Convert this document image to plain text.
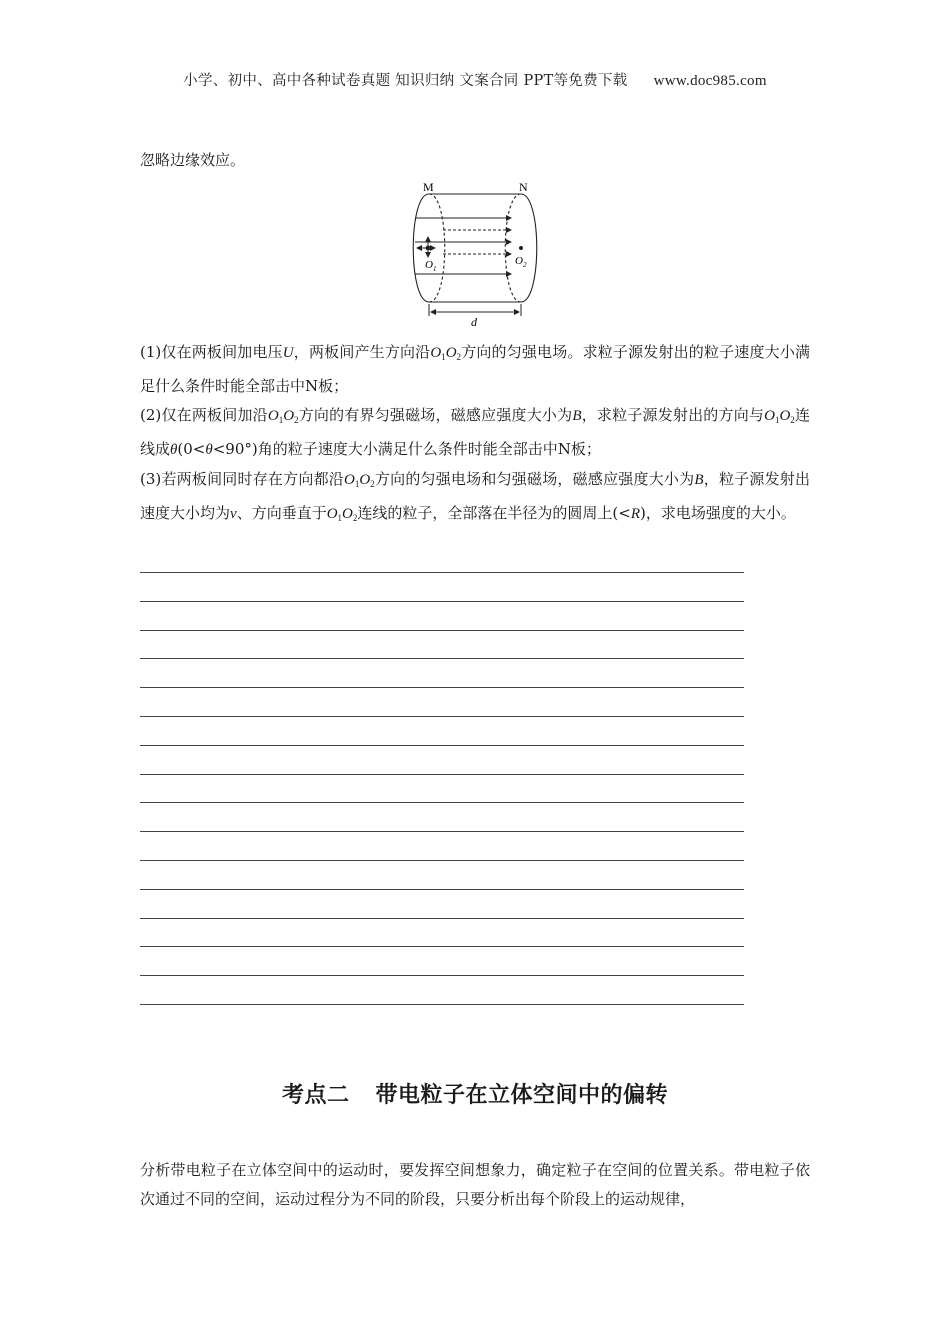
小学、初中、高中各种试卷真题 知识归纳 文案合同 PPT等免费下载 www.doc985.com
忽略边缘效应。
M	N
$O_1$
$O_2$
d

(1)仅在两板间加电压U，两板间产生方向沿$O_1O_2$方向的匀强电场。求粒子源发射出的粒子速度大小满足什么条件时能全部击中N板；

(2)仅在两板间加沿$O_1O_2$方向的有界匀强磁场，磁感应强度大小为B，求粒子源发射出的方向与$O_1O_2$连线成θ(0<θ<90°)角的粒子速度大小满足什么条件时能全部击中N板；

(3)若两板间同时存在方向都沿$O_1O_2$方向的匀强电场和匀强磁场，磁感应强度大小为B，粒子源发射出速度大小均为v、方向垂直于$O_1O_2$连线的粒子，全部落在半径为的圆周上(<R)，求电场强度的大小。

考点二 带电粒子在立体空间中的偏转

分析带电粒子在立体空间中的运动时，要发挥空间想象力，确定粒子在空间的位置关系。带电粒子依次通过不同的空间，运动过程分为不同的阶段，只要分析出每个阶段上的运动规律，
